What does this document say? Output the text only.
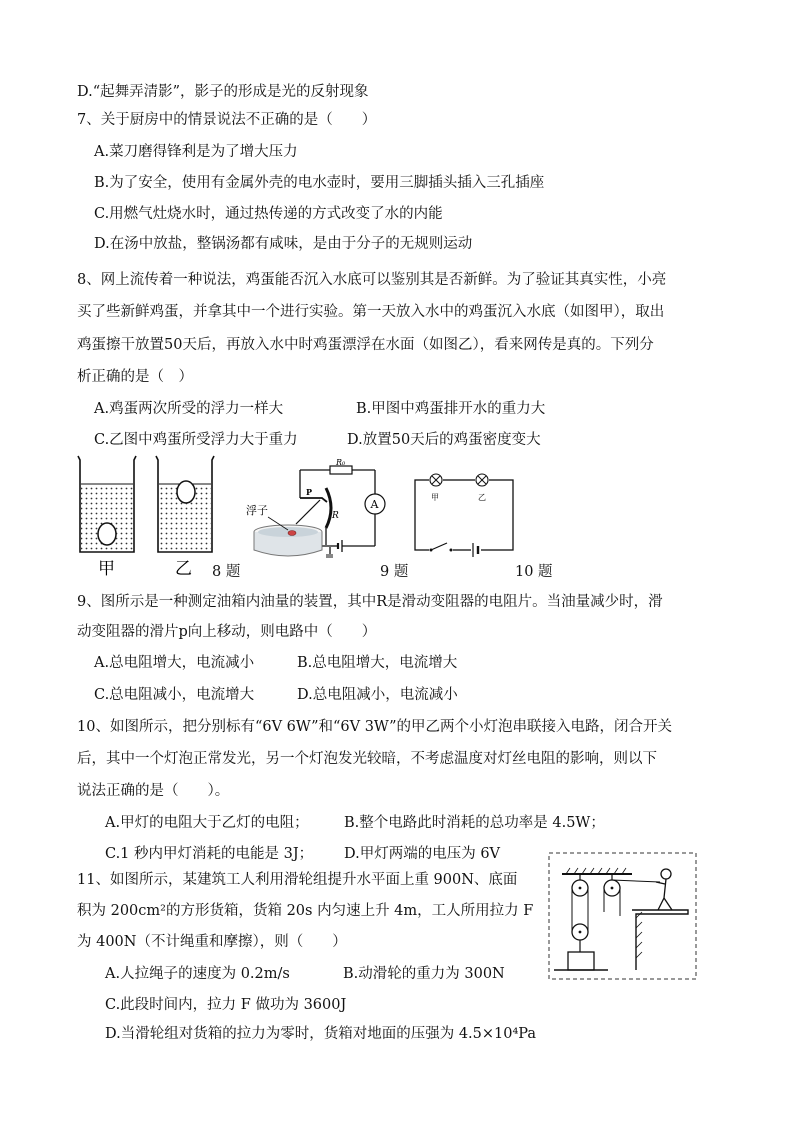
D.“起舞弄清影”，影子的形成是光的反射现象
7、关于厨房中的情景说法不正确的是（　　）
A.菜刀磨得锋利是为了增大压力
B.为了安全，使用有金属外壳的电水壶时，要用三脚插头插入三孔插座
C.用燃气灶烧水时，通过热传递的方式改变了水的内能
D.在汤中放盐，整锅汤都有咸味，是由于分子的无规则运动
8、网上流传着一种说法，鸡蛋能否沉入水底可以鉴别其是否新鲜。为了验证其真实性，小亮
买了些新鲜鸡蛋，并拿其中一个进行实验。第一天放入水中的鸡蛋沉入水底（如图甲），取出
鸡蛋擦干放置50天后，再放入水中时鸡蛋漂浮在水面（如图乙），看来网传是真的。下列分
析正确的是（　）
A.鸡蛋两次所受的浮力一样大	B.甲图中鸡蛋排开水的重力大
C.乙图中鸡蛋所受浮力大于重力	D.放置50天后的鸡蛋密度变大
甲	乙 8 题
R₀
A
R
P
浮子
9 题
甲	乙
10 题
9、图所示是一种测定油箱内油量的装置，其中R是滑动变阻器的电阻片。当油量减少时，滑
动变阻器的滑片p向上移动，则电路中（　　）
A.总电阻增大，电流减小	B.总电阻增大，电流增大
C.总电阻减小，电流增大	D.总电阻减小，电流减小
10、如图所示，把分别标有“6V 6W”和“6V 3W”的甲乙两个小灯泡串联接入电路，闭合开关
后，其中一个灯泡正常发光，另一个灯泡发光较暗，不考虑温度对灯丝电阻的影响，则以下
说法正确的是（　　）。
A.甲灯的电阻大于乙灯的电阻； B.整个电路此时消耗的总功率是 4.5W；
C.1 秒内甲灯消耗的电能是 3J； D.甲灯两端的电压为 6V
11、如图所示，某建筑工人利用滑轮组提升水平面上重 900N、底面
积为 200cm²的方形货箱，货箱 20s 内匀速上升 4m，工人所用拉力 F
为 400N（不计绳重和摩擦），则（　　）
A.人拉绳子的速度为 0.2m/s	B.动滑轮的重力为 300N
C.此段时间内，拉力 F 做功为 3600J
D.当滑轮组对货箱的拉力为零时，货箱对地面的压强为 4.5×10⁴Pa
